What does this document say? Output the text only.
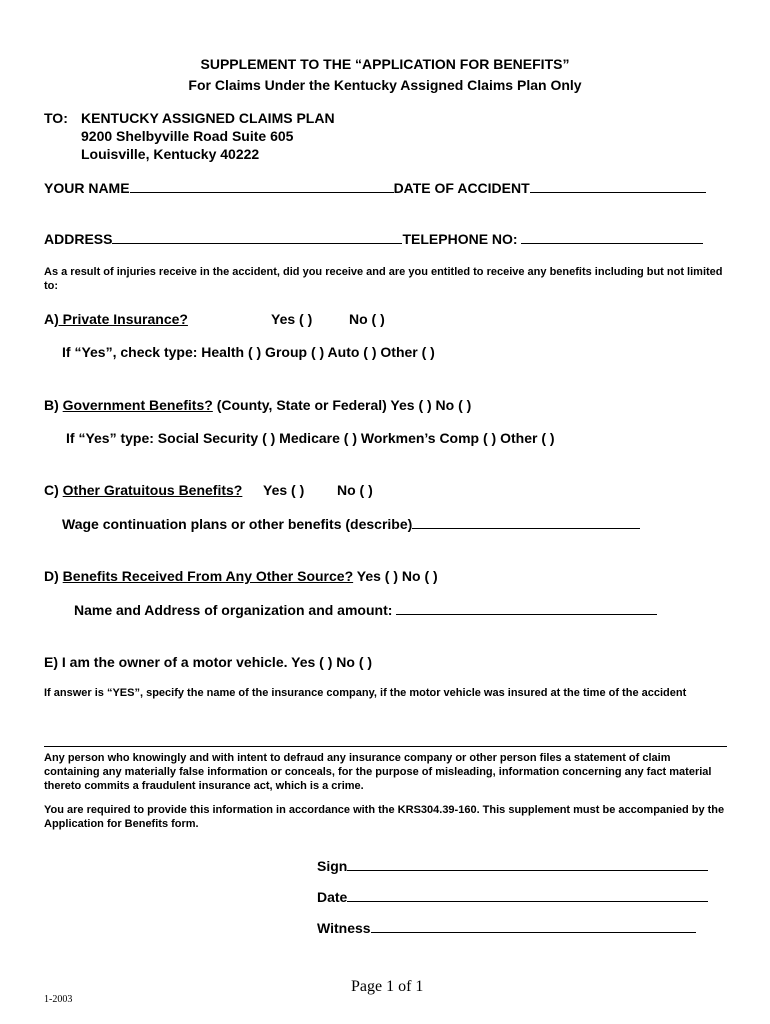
SUPPLEMENT TO THE “APPLICATION FOR BENEFITS”
For Claims Under the Kentucky Assigned Claims Plan Only
TO: KENTUCKY ASSIGNED CLAIMS PLAN
9200 Shelbyville Road Suite 605
Louisville, Kentucky 40222
YOUR NAME	DATE OF ACCIDENT
ADDRESS	TELEPHONE NO:
As a result of injuries receive in the accident, did you receive and are you entitled to receive any benefits including but not limited to:
A) Private Insurance?	Yes ( )	No ( )
If “Yes”, check type: Health ( ) Group ( ) Auto ( ) Other ( )
B) Government Benefits? (County, State or Federal) Yes ( ) No ( )
If “Yes” type: Social Security ( ) Medicare ( ) Workmen’s Comp ( ) Other ( )
C) Other Gratuitous Benefits? Yes ( ) No ( )
Wage continuation plans or other benefits (describe)
D) Benefits Received From Any Other Source? Yes ( ) No ( )
Name and Address of organization and amount:
E) I am the owner of a motor vehicle. Yes ( ) No ( )
If answer is “YES”, specify the name of the insurance company, if the motor vehicle was insured at the time of the accident
Any person who knowingly and with intent to defraud any insurance company or other person files a statement of claim containing any materially false information or conceals, for the purpose of misleading, information concerning any fact material thereto commits a fraudulent insurance act, which is a crime.
You are required to provide this information in accordance with the KRS304.39-160. This supplement must be accompanied by the Application for Benefits form.
Sign
Date
Witness
Page 1 of 1
1-2003
